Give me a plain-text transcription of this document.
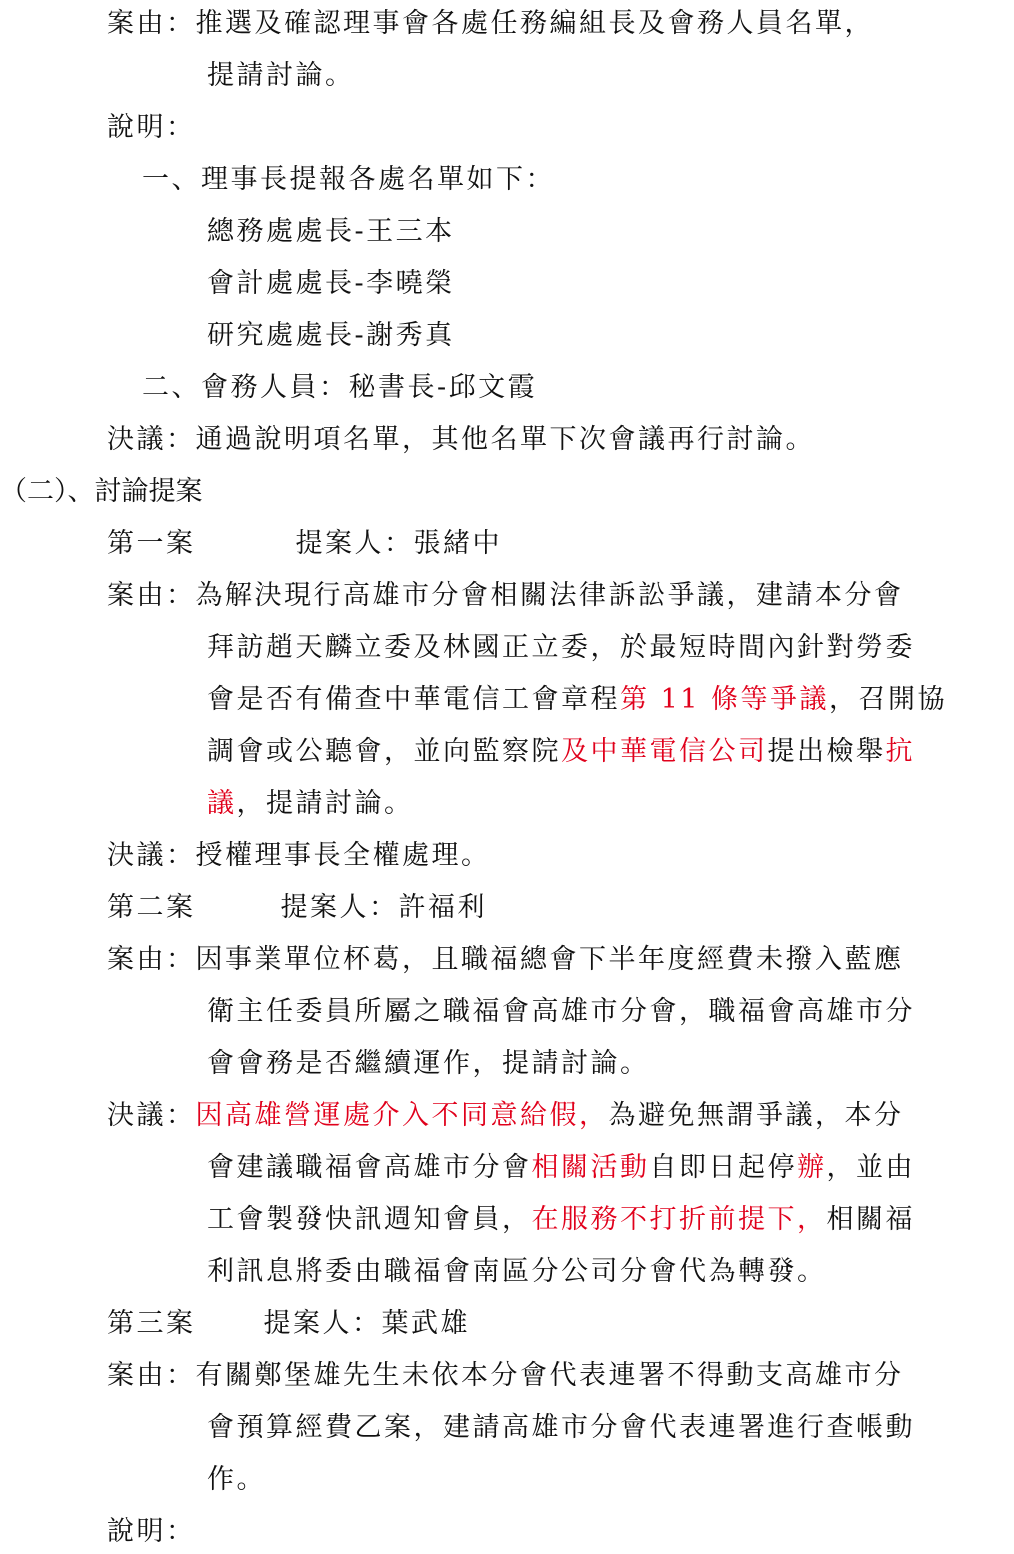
案由：推選及確認理事會各處任務編組長及會務人員名單，
提請討論。
說明：
一、理事長提報各處名單如下：
總務處處長-王三本
會計處處長-李曉榮
研究處處長-謝秀真
二、會務人員：秘書長-邱文霞
決議：通過說明項名單，其他名單下次會議再行討論。
（二）、討論提案
第一案	提案人：張緒中
案由：為解決現行高雄市分會相關法律訴訟爭議，建請本分會
拜訪趙天麟立委及林國正立委，於最短時間內針對勞委
會是否有備查中華電信工會章程第 11 條等爭議，召開協
調會或公聽會，並向監察院及中華電信公司提出檢舉抗
議，提請討論。
決議：授權理事長全權處理。
第二案	提案人：許福利
案由：因事業單位杯葛，且職福總會下半年度經費未撥入藍應
衛主任委員所屬之職福會高雄市分會，職福會高雄市分
會會務是否繼續運作，提請討論。
決議：因高雄營運處介入不同意給假，為避免無謂爭議，本分
會建議職福會高雄市分會相關活動自即日起停辦，並由
工會製發快訊週知會員，在服務不打折前提下，相關福
利訊息將委由職福會南區分公司分會代為轉發。
第三案	提案人：葉武雄
案由：有關鄭堡雄先生未依本分會代表連署不得動支高雄市分
會預算經費乙案，建請高雄市分會代表連署進行查帳動
作。
說明：
